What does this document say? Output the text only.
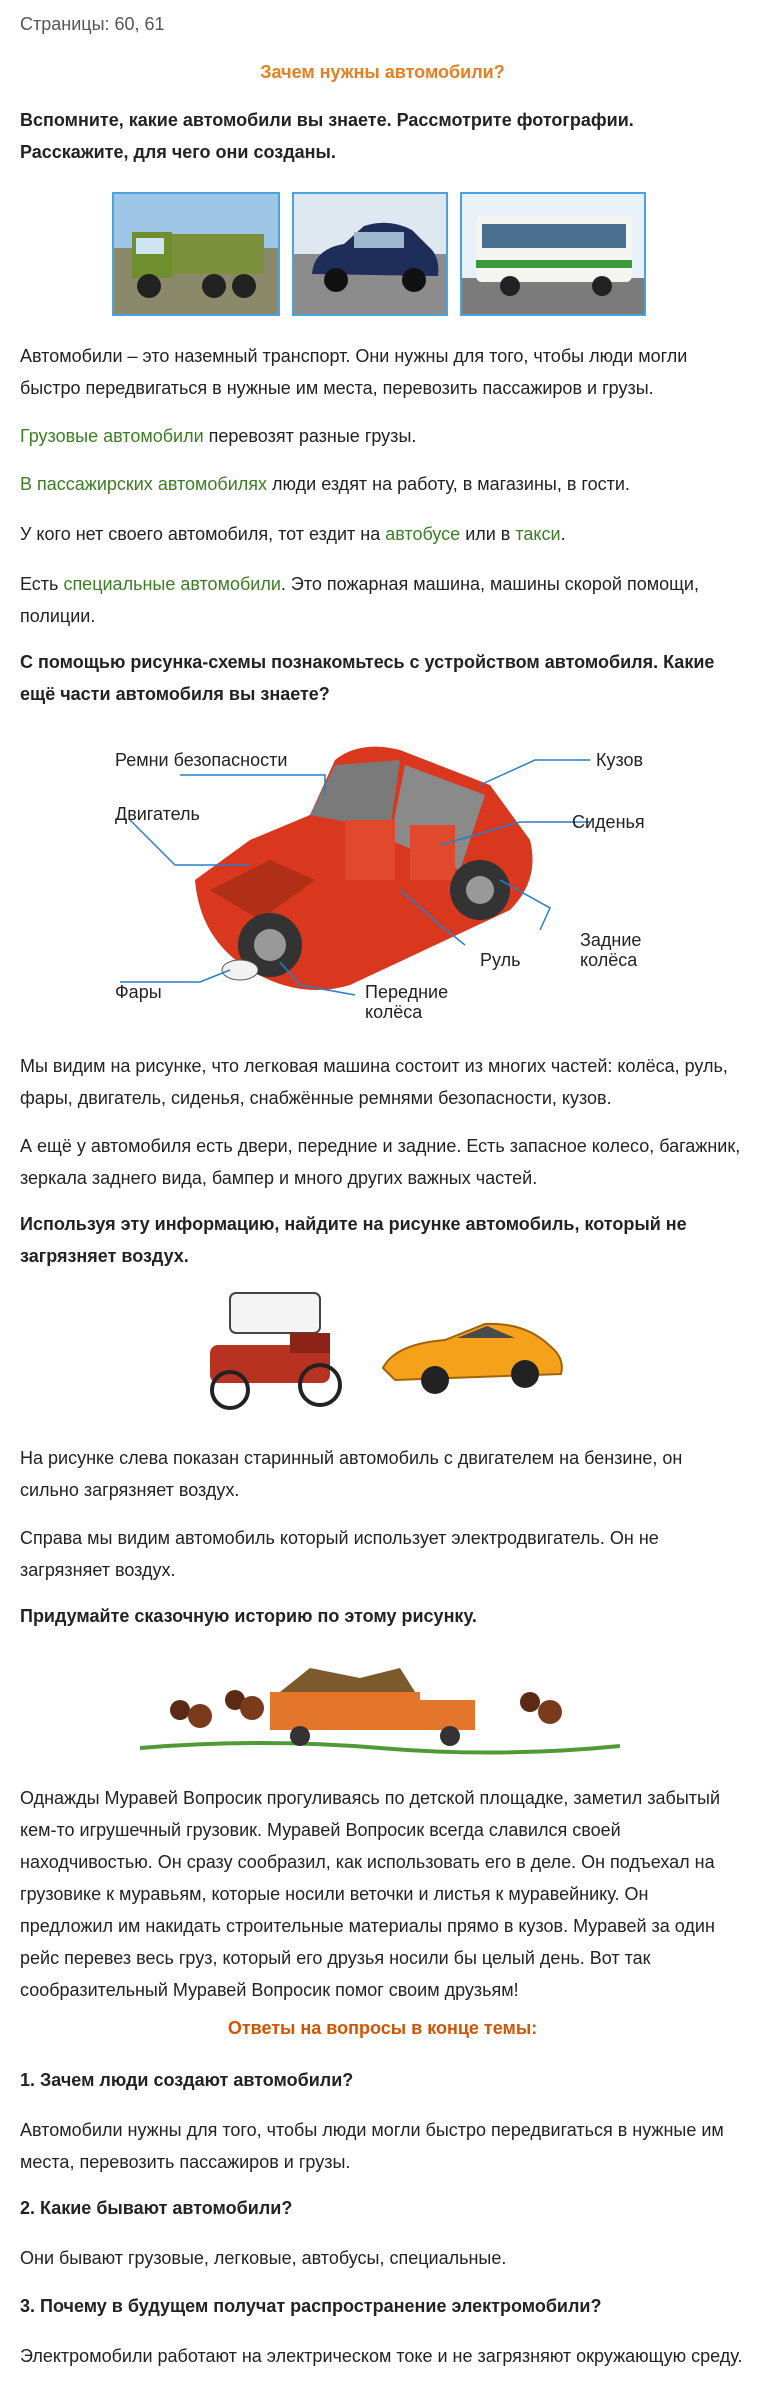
Страницы: 60, 61

Зачем нужны автомобили?

Вспомните, какие автомобили вы знаете. Рассмотрите фотографии. Расскажите, для чего они созданы.

Автомобили – это наземный транспорт. Они нужны для того, чтобы люди могли быстро передвигаться в нужные им места, перевозить пассажиров и грузы.

Грузовые автомобили перевозят разные грузы.

В пассажирских автомобилях люди ездят на работу, в магазины, в гости.

У кого нет своего автомобиля, тот ездит на автобусе или в такси.

Есть специальные автомобили. Это пожарная машина, машины скорой помощи, полиции.

С помощью рисунка-схемы познакомьтесь с устройством автомобиля. Какие ещё части автомобиля вы знаете?

Ремни безопасности	Кузов
Двигатель	Сиденья
Задние
колёса
Руль
Фары	Передние
колёса

Мы видим на рисунке, что легковая машина состоит из многих частей: колёса, руль, фары, двигатель, сиденья, снабжённые ремнями безопасности, кузов.

А ещё у автомобиля есть двери, передние и задние. Есть запасное колесо, багажник, зеркала заднего вида, бампер и много других важных частей.

Используя эту информацию, найдите на рисунке автомобиль, который не загрязняет воздух.

На рисунке слева показан старинный автомобиль с двигателем на бензине, он сильно загрязняет воздух.

Справа мы видим автомобиль который использует электродвигатель. Он не загрязняет воздух.

Придумайте сказочную историю по этому рисунку.

Однажды Муравей Вопросик прогуливаясь по детской площадке, заметил забытый кем-то игрушечный грузовик. Муравей Вопросик всегда славился своей находчивостью. Он сразу сообразил, как использовать его в деле. Он подъехал на грузовике к муравьям, которые носили веточки и листья к муравейнику. Он предложил им накидать строительные материалы прямо в кузов. Муравей за один рейс перевез весь груз, который его друзья носили бы целый день. Вот так сообразительный Муравей Вопросик помог своим друзьям!

Ответы на вопросы в конце темы:

1. Зачем люди создают автомобили?

Автомобили нужны для того, чтобы люди могли быстро передвигаться в нужные им места, перевозить пассажиров и грузы.

2. Какие бывают автомобили?

Они бывают грузовые, легковые, автобусы, специальные.

3. Почему в будущем получат распространение электромобили?

Электромобили работают на электрическом токе и не загрязняют окружающую среду.
